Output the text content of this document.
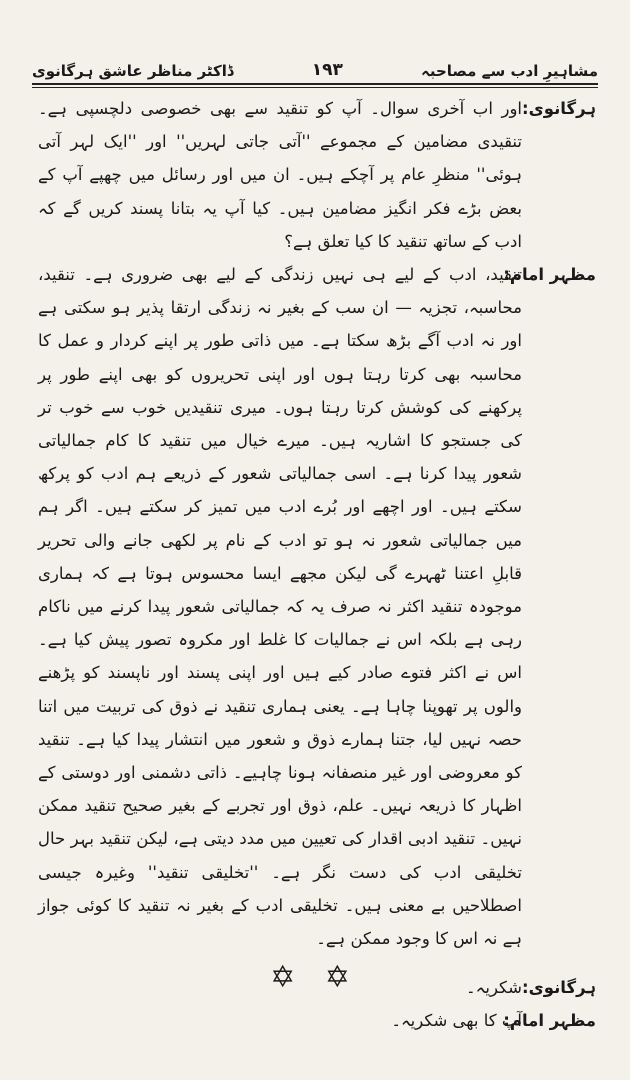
ڈاکٹر مناظر عاشق ہرگانوی	۱۹۳	مشاہیرِ ادب سے مصاحبہ
ہرگانوی:
اور اب آخری سوال۔ آپ کو تنقید سے بھی خصوصی دلچسپی ہے۔ تنقیدی مضامین کے مجموعے ''آتی جاتی لہریں'' اور ''ایک لہر آتی ہوئی'' منظرِ عام پر آچکے ہیں۔ ان میں اور رسائل میں چھپے آپ کے بعض بڑے فکر انگیز مضامین ہیں۔ کیا آپ یہ بتانا پسند کریں گے کہ ادب کے ساتھ تنقید کا کیا تعلق ہے؟
مظہر امام:
تنقید، ادب کے لیے ہی نہیں زندگی کے لیے بھی ضروری ہے۔ تنقید، محاسبہ، تجزیہ — ان سب کے بغیر نہ زندگی ارتقا پذیر ہو سکتی ہے اور نہ ادب آگے بڑھ سکتا ہے۔ میں ذاتی طور پر اپنے کردار و عمل کا محاسبہ بھی کرتا رہتا ہوں اور اپنی تحریروں کو بھی اپنے طور پر پرکھنے کی کوشش کرتا رہتا ہوں۔ میری تنقیدیں خوب سے خوب تر کی جستجو کا اشاریہ ہیں۔ میرے خیال میں تنقید کا کام جمالیاتی شعور پیدا کرنا ہے۔ اسی جمالیاتی شعور کے ذریعے ہم ادب کو پرکھ سکتے ہیں۔ اور اچھے اور بُرے ادب میں تمیز کر سکتے ہیں۔ اگر ہم میں جمالیاتی شعور نہ ہو تو ادب کے نام پر لکھی جانے والی تحریر قابلِ اعتنا ٹھہرے گی لیکن مجھے ایسا محسوس ہوتا ہے کہ ہماری موجودہ تنقید اکثر نہ صرف یہ کہ جمالیاتی شعور پیدا کرنے میں ناکام رہی ہے بلکہ اس نے جمالیات کا غلط اور مکروہ تصور پیش کیا ہے۔ اس نے اکثر فتوے صادر کیے ہیں اور اپنی پسند اور ناپسند کو پڑھنے والوں پر تھوپنا چاہا ہے۔ یعنی ہماری تنقید نے ذوق کی تربیت میں اتنا حصہ نہیں لیا، جتنا ہمارے ذوق و شعور میں انتشار پیدا کیا ہے۔ تنقید کو معروضی اور غیر منصفانہ ہونا چاہیے۔ ذاتی دشمنی اور دوستی کے اظہار کا ذریعہ نہیں۔ علم، ذوق اور تجربے کے بغیر صحیح تنقید ممکن نہیں۔ تنقید ادبی اقدار کی تعیین میں مدد دیتی ہے، لیکن تنقید بہر حال تخلیقی ادب کی دست نگر ہے۔ ''تخلیقی تنقید'' وغیرہ جیسی اصطلاحیں بے معنی ہیں۔ تخلیقی ادب کے بغیر نہ تنقید کا کوئی جواز ہے نہ اس کا وجود ممکن ہے۔
ہرگانوی:
شکریہ۔
مظہر امام:
آپ کا بھی شکریہ۔
✡ ✡
